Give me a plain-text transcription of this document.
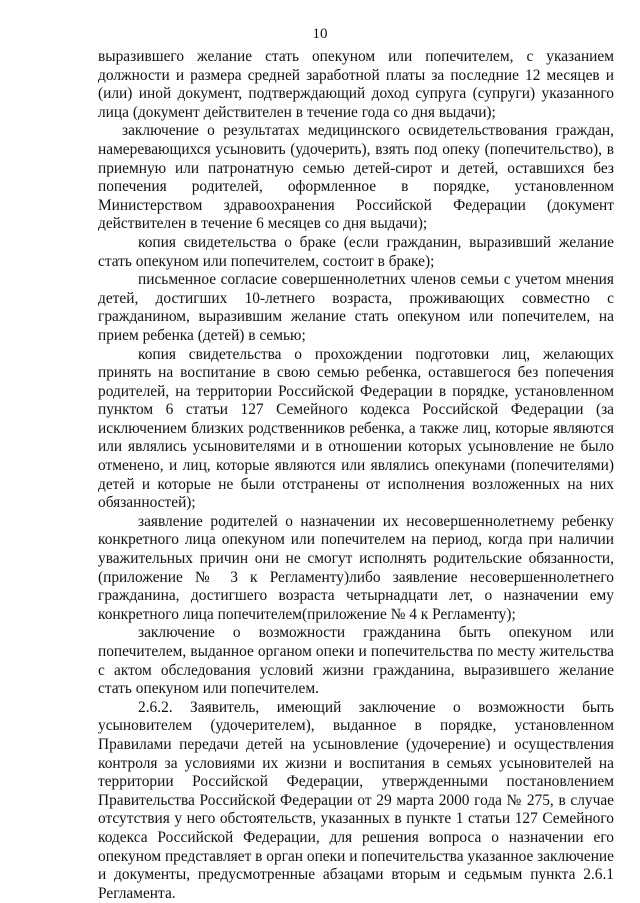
10

выразившего желание стать опекуном или попечителем, с указанием должности и размера средней заработной платы за последние 12 месяцев и (или) иной документ, подтверждающий доход супруга (супруги) указанного лица (документ действителен в течение года со дня выдачи);

заключение о результатах медицинского освидетельствования граждан, намеревающихся усыновить (удочерить), взять под опеку (попечительство), в приемную или патронатную семью детей-сирот и детей, оставшихся без попечения родителей, оформленное в порядке, установленном Министерством здравоохранения Российской Федерации (документ действителен в течение 6 месяцев со дня выдачи);

копия свидетельства о браке (если гражданин, выразивший желание стать опекуном или попечителем, состоит в браке);

письменное согласие совершеннолетних членов семьи с учетом мнения детей, достигших 10-летнего возраста, проживающих совместно с гражданином, выразившим желание стать опекуном или попечителем, на прием ребенка (детей) в семью;

копия свидетельства о прохождении подготовки лиц, желающих принять на воспитание в свою семью ребенка, оставшегося без попечения родителей, на территории Российской Федерации в порядке, установленном пунктом 6 статьи 127 Семейного кодекса Российской Федерации (за исключением близких родственников ребенка, а также лиц, которые являются или являлись усыновителями и в отношении которых усыновление не было отменено, и лиц, которые являются или являлись опекунами (попечителями) детей и которые не были отстранены от исполнения возложенных на них обязанностей);

заявление родителей о назначении их несовершеннолетнему ребенку конкретного лица опекуном или попечителем на период, когда при наличии уважительных причин они не смогут исполнять родительские обязанности, (приложение № 3 к Регламенту)либо заявление несовершеннолетнего гражданина, достигшего возраста четырнадцати лет, о назначении ему конкретного лица попечителем(приложение № 4 к Регламенту);

заключение о возможности гражданина быть опекуном или попечителем, выданное органом опеки и попечительства по месту жительства с актом обследования условий жизни гражданина, выразившего желание стать опекуном или попечителем.

2.6.2. Заявитель, имеющий заключение о возможности быть усыновителем (удочерителем), выданное в порядке, установленном Правилами передачи детей на усыновление (удочерение) и осуществления контроля за условиями их жизни и воспитания в семьях усыновителей на территории Российской Федерации, утвержденными постановлением Правительства Российской Федерации от 29 марта 2000 года № 275, в случае отсутствия у него обстоятельств, указанных в пункте 1 статьи 127 Семейного кодекса Российской Федерации, для решения вопроса о назначении его опекуном представляет в орган опеки и попечительства указанное заключение и документы, предусмотренные абзацами вторым и седьмым пункта 2.6.1 Регламента.
